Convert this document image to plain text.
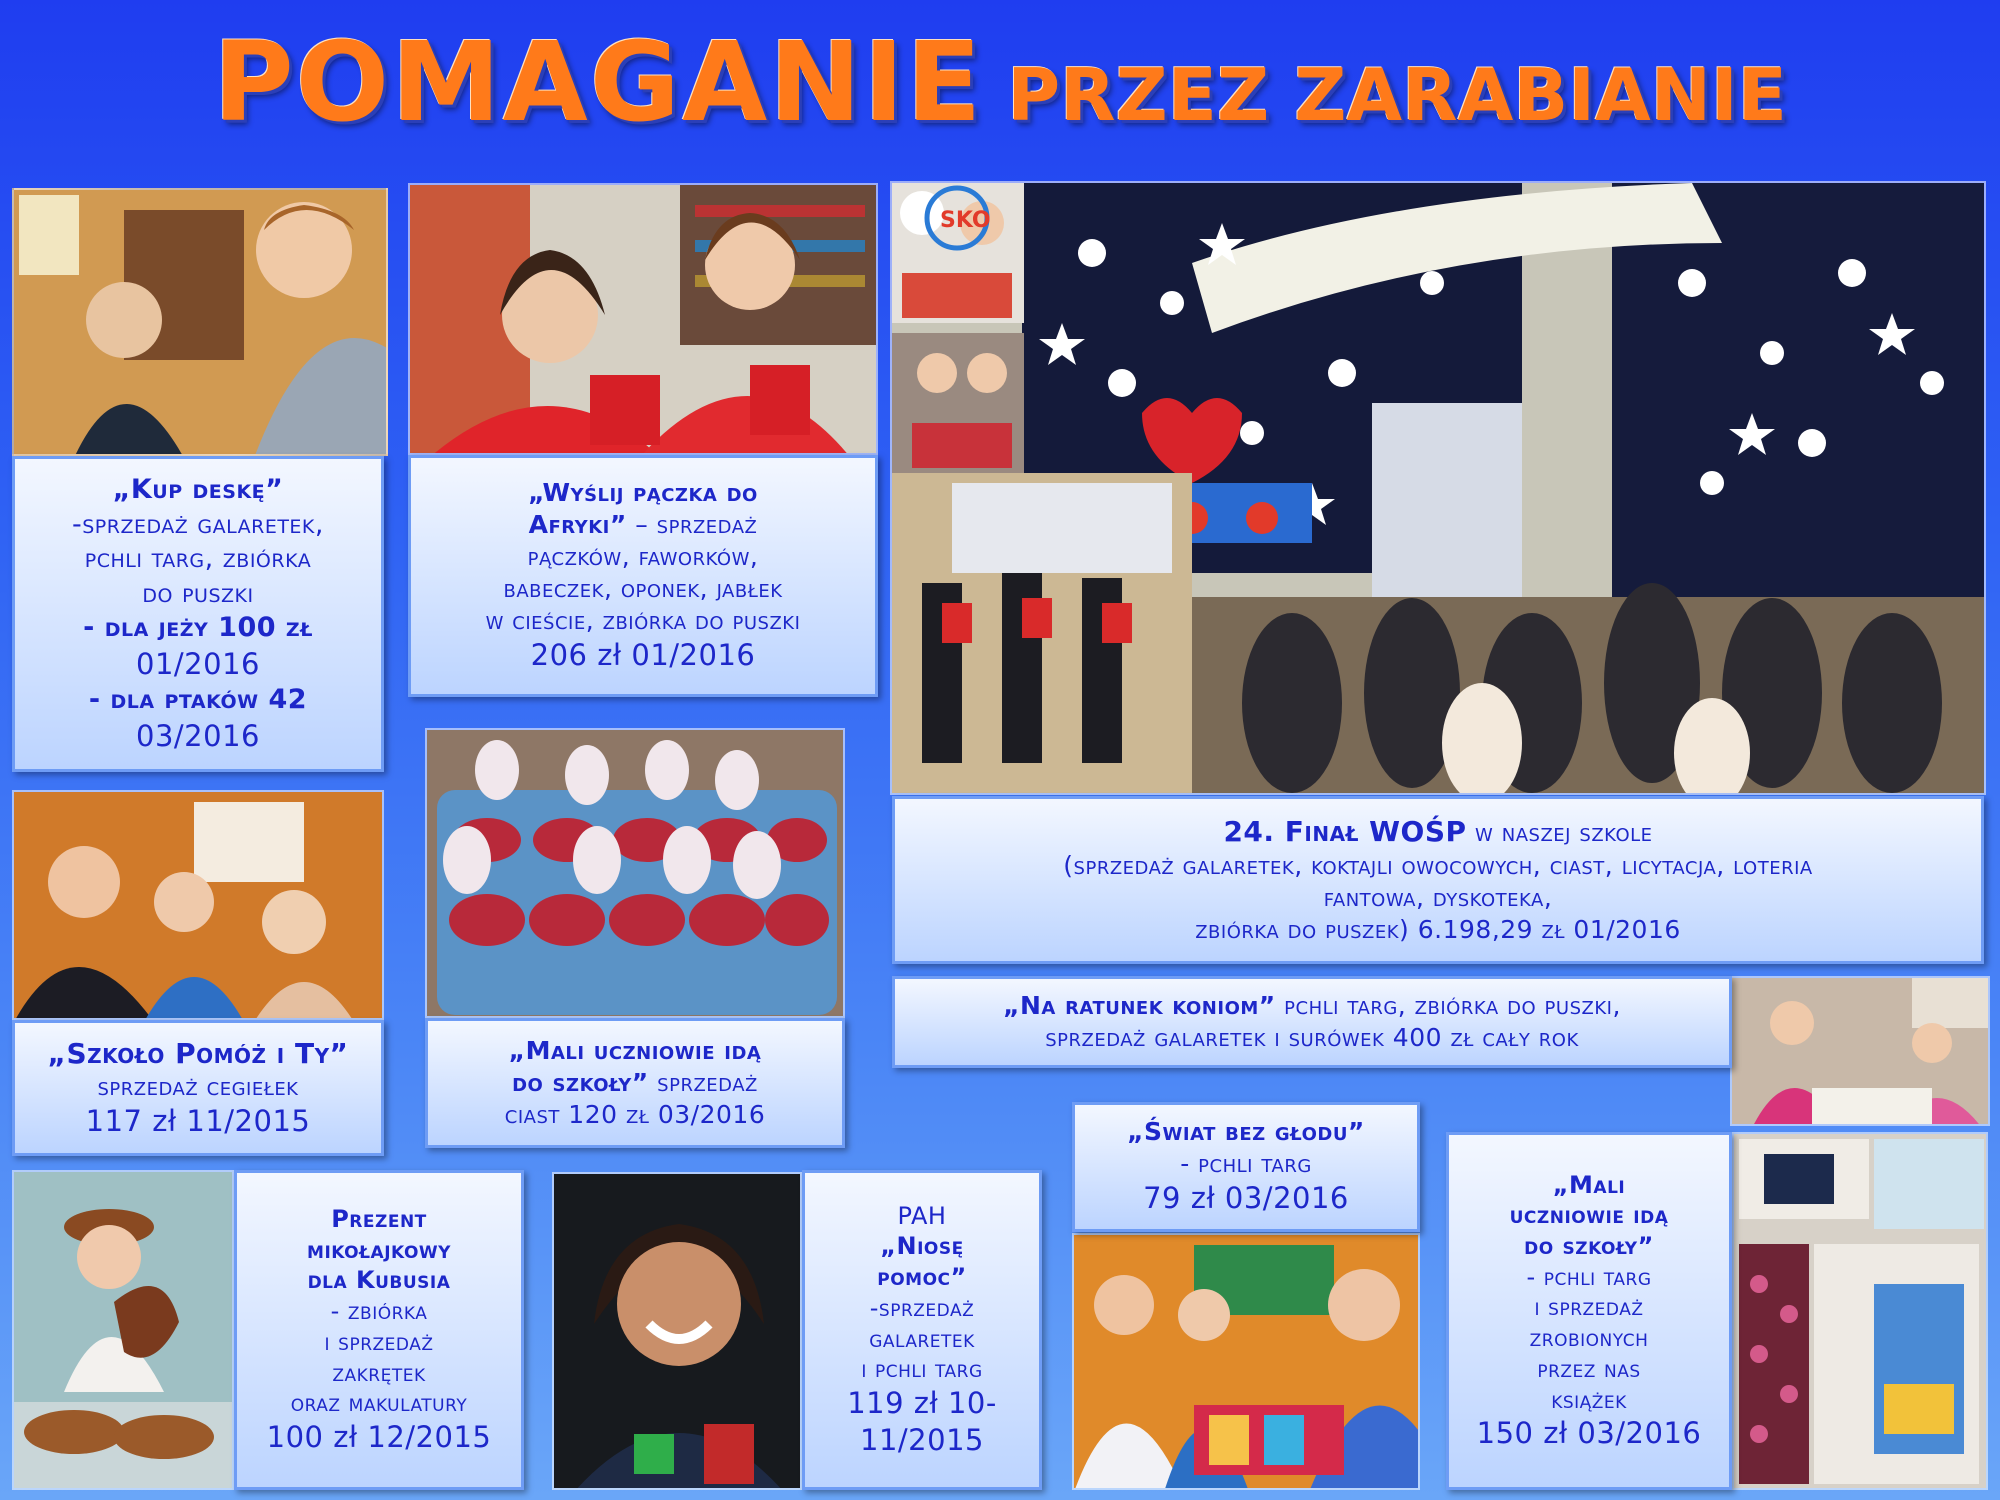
POMAGANIE PRZEZ ZARABIANIE
SKO
„Kup deskę”
-sprzedaż galaretek,
pchli targ, zbiórka
do puszki
- dla jeży 100 zł
01/2016
- dla ptaków 42
03/2016
„Wyślij pączka do
Afryki” – sprzedaż
pączków, faworków,
babeczek, oponek, jabłek
w cieście, zbiórka do puszki
206 zł 01/2016
24. Finał WOŚP w naszej szkole
(sprzedaż galaretek, koktajli owocowych, ciast, licytacja, loteria
fantowa, dyskoteka,
zbiórka do puszek) 6.198,29 zł 01/2016
„Na ratunek koniom” pchli targ, zbiórka do puszki,
sprzedaż galaretek i surówek 400 zł cały rok
„Szkoło Pomóż i Ty”
sprzedaż cegiełek
117 zł 11/2015
„Mali uczniowie idą
do szkoły” sprzedaż
ciast 120 zł 03/2016
Prezent
mikołajkowy
dla Kubusia
- zbiórka
i sprzedaż
zakrętek
oraz makulatury
100 zł 12/2015
PAH
„Niosę
pomoc”
-sprzedaż
galaretek
i pchli targ
119 zł 10-
11/2015
„Świat bez głodu”
- pchli targ
79 zł 03/2016	„Mali
uczniowie idą
do szkoły”
- pchli targ
i sprzedaż
zrobionych
przez nas
książek
150 zł 03/2016
